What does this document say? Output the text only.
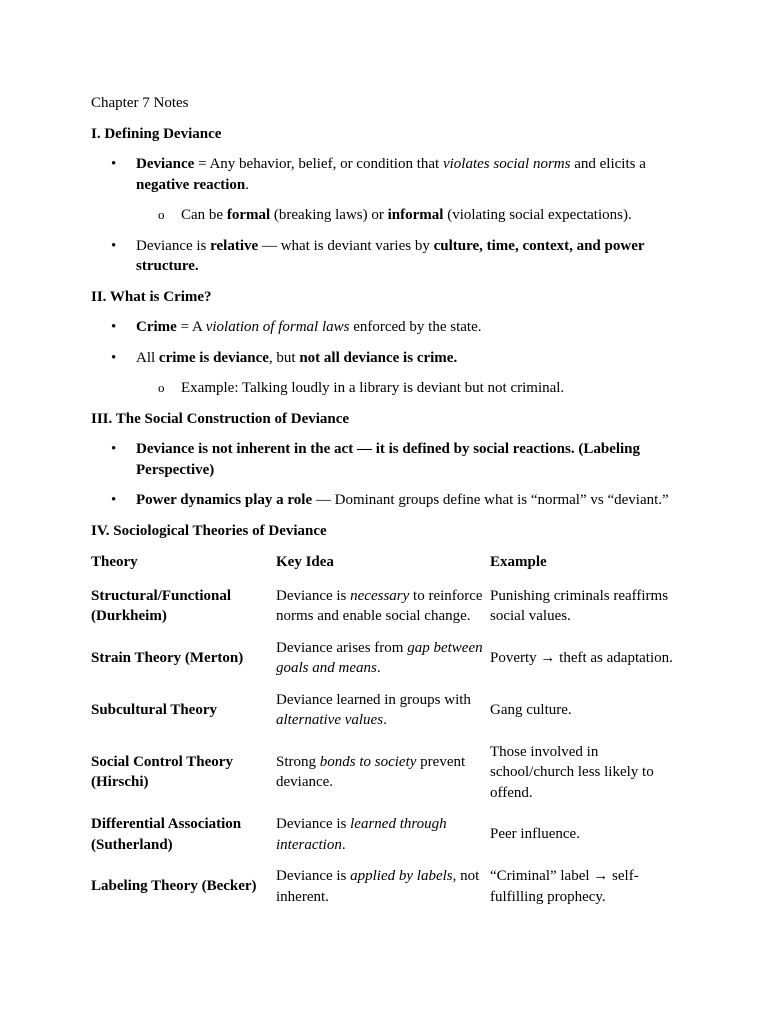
Chapter 7 Notes

I. Defining Deviance

• Deviance = Any behavior, belief, or condition that violates social norms and elicits a negative reaction.
o Can be formal (breaking laws) or informal (violating social expectations).
• Deviance is relative — what is deviant varies by culture, time, context, and power structure.

II. What is Crime?

• Crime = A violation of formal laws enforced by the state.
• All crime is deviance, but not all deviance is crime.
o Example: Talking loudly in a library is deviant but not criminal.

III. The Social Construction of Deviance

• Deviance is not inherent in the act — it is defined by social reactions. (Labeling Perspective)
• Power dynamics play a role — Dominant groups define what is “normal” vs “deviant.”

IV. Sociological Theories of Deviance

Theory	Key Idea	Example
Structural/Functional (Durkheim)	Deviance is necessary to reinforce norms and enable social change.	Punishing criminals reaffirms social values.
Strain Theory (Merton)	Deviance arises from gap between goals and means.	Poverty → theft as adaptation.
Subcultural Theory	Deviance learned in groups with alternative values.	Gang culture.
Social Control Theory (Hirschi)	Strong bonds to society prevent deviance.	Those involved in school/church less likely to offend.
Differential Association (Sutherland)	Deviance is learned through interaction.	Peer influence.
Labeling Theory (Becker)	Deviance is applied by labels, not inherent.	“Criminal” label → self-fulfilling prophecy.
